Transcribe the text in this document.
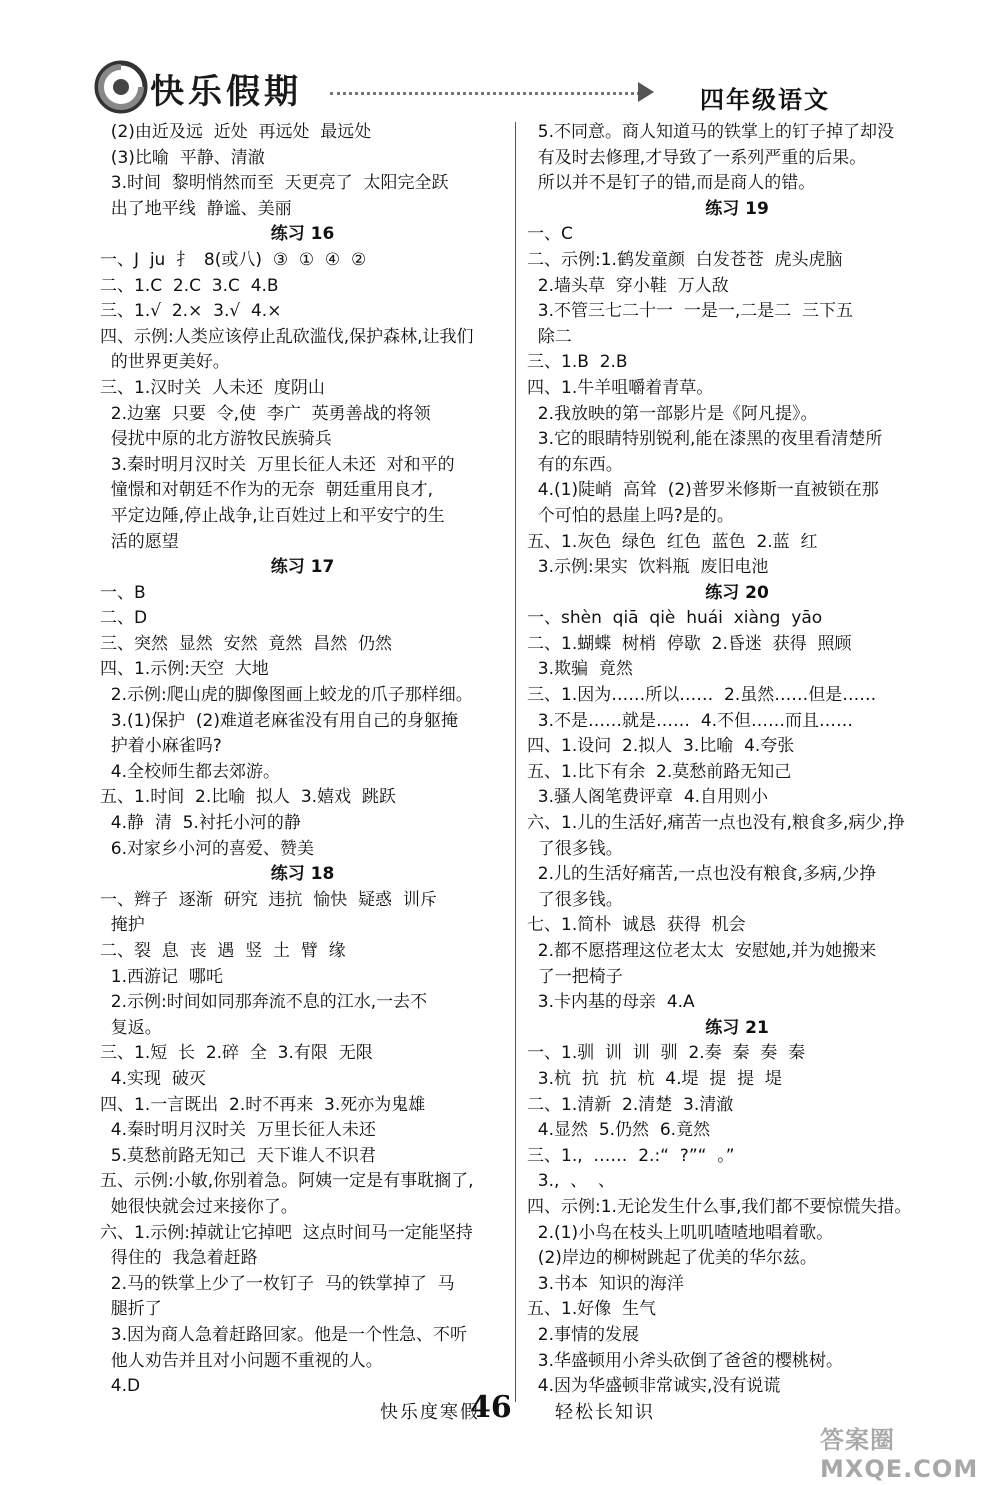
快乐假期	四年级语文
(2)由近及远  近处  再远处  最远处
(3)比喻  平静、清澈
3.时间  黎明悄然而至  天更亮了  太阳完全跃
出了地平线  静谧、美丽
练习 16
一、J  ju  扌  8(或八)  ③  ①  ④  ②
二、1.C  2.C  3.C  4.B
三、1.√  2.×  3.√  4.×
四、示例:人类应该停止乱砍滥伐,保护森林,让我们
的世界更美好。
三、1.汉时关  人未还  度阴山
2.边塞  只要  令,使  李广  英勇善战的将领
侵扰中原的北方游牧民族骑兵
3.秦时明月汉时关  万里长征人未还  对和平的
憧憬和对朝廷不作为的无奈  朝廷重用良才,
平定边陲,停止战争,让百姓过上和平安宁的生
活的愿望
练习 17
一、B
二、D
三、突然  显然  安然  竟然  昌然  仍然
四、1.示例:天空  大地
2.示例:爬山虎的脚像图画上蛟龙的爪子那样细。
3.(1)保护  (2)难道老麻雀没有用自己的身躯掩
护着小麻雀吗?
4.全校师生都去郊游。
五、1.时间  2.比喻  拟人  3.嬉戏  跳跃
4.静  清  5.衬托小河的静
6.对家乡小河的喜爱、赞美
练习 18
一、辫子  逐渐  研究  违抗  愉快  疑惑  训斥
掩护
二、裂  息  丧  遇  竖  土  臂  缘
1.西游记  哪吒
2.示例:时间如同那奔流不息的江水,一去不
复返。
三、1.短  长  2.碎  全  3.有限  无限
4.实现  破灭
四、1.一言既出  2.时不再来  3.死亦为鬼雄
4.秦时明月汉时关  万里长征人未还
5.莫愁前路无知己  天下谁人不识君
五、示例:小敏,你别着急。阿姨一定是有事耽搁了,
她很快就会过来接你了。
六、1.示例:掉就让它掉吧  这点时间马一定能坚持
得住的  我急着赶路
2.马的铁掌上少了一枚钉子  马的铁掌掉了  马
腿折了
3.因为商人急着赶路回家。他是一个性急、不听
他人劝告并且对小问题不重视的人。
4.D
5.不同意。商人知道马的铁掌上的钉子掉了却没
有及时去修理,才导致了一系列严重的后果。
所以并不是钉子的错,而是商人的错。
练习 19
一、C
二、示例:1.鹤发童颜  白发苍苍  虎头虎脑
2.墙头草  穿小鞋  万人敌
3.不管三七二十一  一是一,二是二  三下五
除二
三、1.B  2.B
四、1.牛羊咀嚼着青草。
2.我放映的第一部影片是《阿凡提》。
3.它的眼睛特别锐利,能在漆黑的夜里看清楚所
有的东西。
4.(1)陡峭  高耸  (2)普罗米修斯一直被锁在那
个可怕的悬崖上吗?是的。
五、1.灰色  绿色  红色  蓝色  2.蓝  红
3.示例:果实  饮料瓶  废旧电池
练习 20
一、shèn  qiā  qiè  huái  xiàng  yāo
二、1.蝴蝶  树梢  停歇  2.昏迷  获得  照顾
3.欺骗  竟然
三、1.因为……所以……  2.虽然……但是……
3.不是……就是……  4.不但……而且……
四、1.设问  2.拟人  3.比喻  4.夸张
五、1.比下有余  2.莫愁前路无知己
3.骚人阁笔费评章  4.自用则小
六、1.儿的生活好,痛苦一点也没有,粮食多,病少,挣
了很多钱。
2.儿的生活好痛苦,一点也没有粮食,多病,少挣
了很多钱。
七、1.简朴  诚恳  获得  机会
2.都不愿搭理这位老太太  安慰她,并为她搬来
了一把椅子
3.卡内基的母亲  4.A
练习 21
一、1.驯  训  训  驯  2.奏  秦  奏  秦
3.杭  抗  抗  杭  4.堤  提  提  堤
二、1.清新  2.清楚  3.清澈
4.显然  5.仍然  6.竟然
三、1.,  ……  2.:“  ?”“  。”
3.,  、  、
四、示例:1.无论发生什么事,我们都不要惊慌失措。
2.(1)小鸟在枝头上叽叽喳喳地唱着歌。
(2)岸边的柳树跳起了优美的华尔兹。
3.书本  知识的海洋
五、1.好像  生气
2.事情的发展
3.华盛顿用小斧头砍倒了爸爸的樱桃树。
4.因为华盛顿非常诚实,没有说谎
快乐度寒假
46 轻松长知识
答案圈 MXQE.COM
